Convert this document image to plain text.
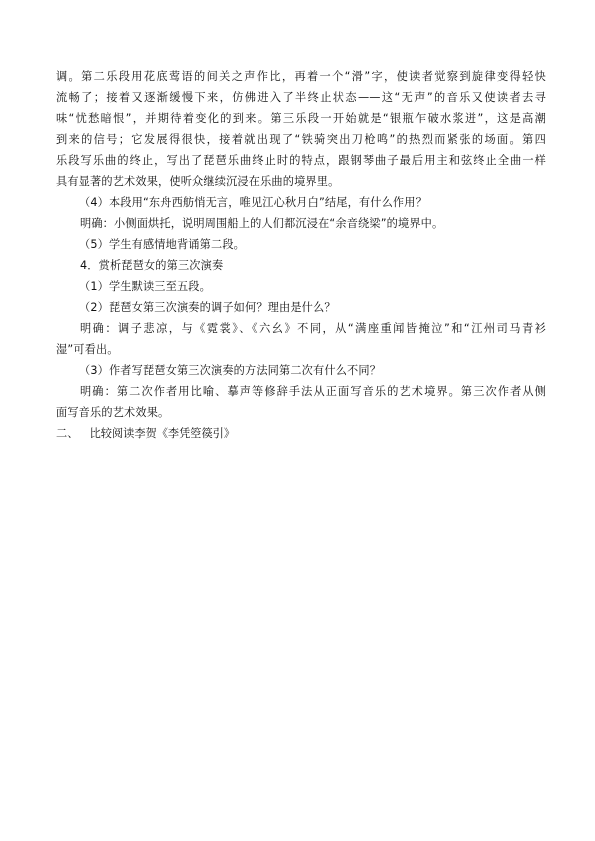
调。第二乐段用花底莺语的间关之声作比，再着一个“滑”字，使读者觉察到旋律变得轻快
流畅了；接着又逐渐缓慢下来，仿佛进入了半终止状态——这“无声”的音乐又使读者去寻
味“忧愁暗恨”，并期待着变化的到来。第三乐段一开始就是“银瓶乍破水浆迸”，这是高潮
到来的信号；它发展得很快，接着就出现了“铁骑突出刀枪鸣”的热烈而紧张的场面。第四
乐段写乐曲的终止，写出了琵琶乐曲终止时的特点，跟钢琴曲子最后用主和弦终止全曲一样
具有显著的艺术效果，使听众继续沉浸在乐曲的境界里。
（4）本段用“东舟西舫悄无言，唯见江心秋月白”结尾，有什么作用？
明确：小侧面烘托，说明周围船上的人们都沉浸在“余音绕梁”的境界中。
（5）学生有感情地背诵第二段。
4．赏析琵琶女的第三次演奏
（1）学生默读三至五段。
（2）琵琶女第三次演奏的调子如何？理由是什么？
明确：调子悲凉，与《霓裳》、《六幺》不同，从“满座重闻皆掩泣”和“江州司马青衫
湿”可看出。
（3）作者写琵琶女第三次演奏的方法同第二次有什么不同？
明确：第二次作者用比喻、摹声等修辞手法从正面写音乐的艺术境界。第三次作者从侧
面写音乐的艺术效果。
二、 比较阅读李贺《李凭箜篌引》
